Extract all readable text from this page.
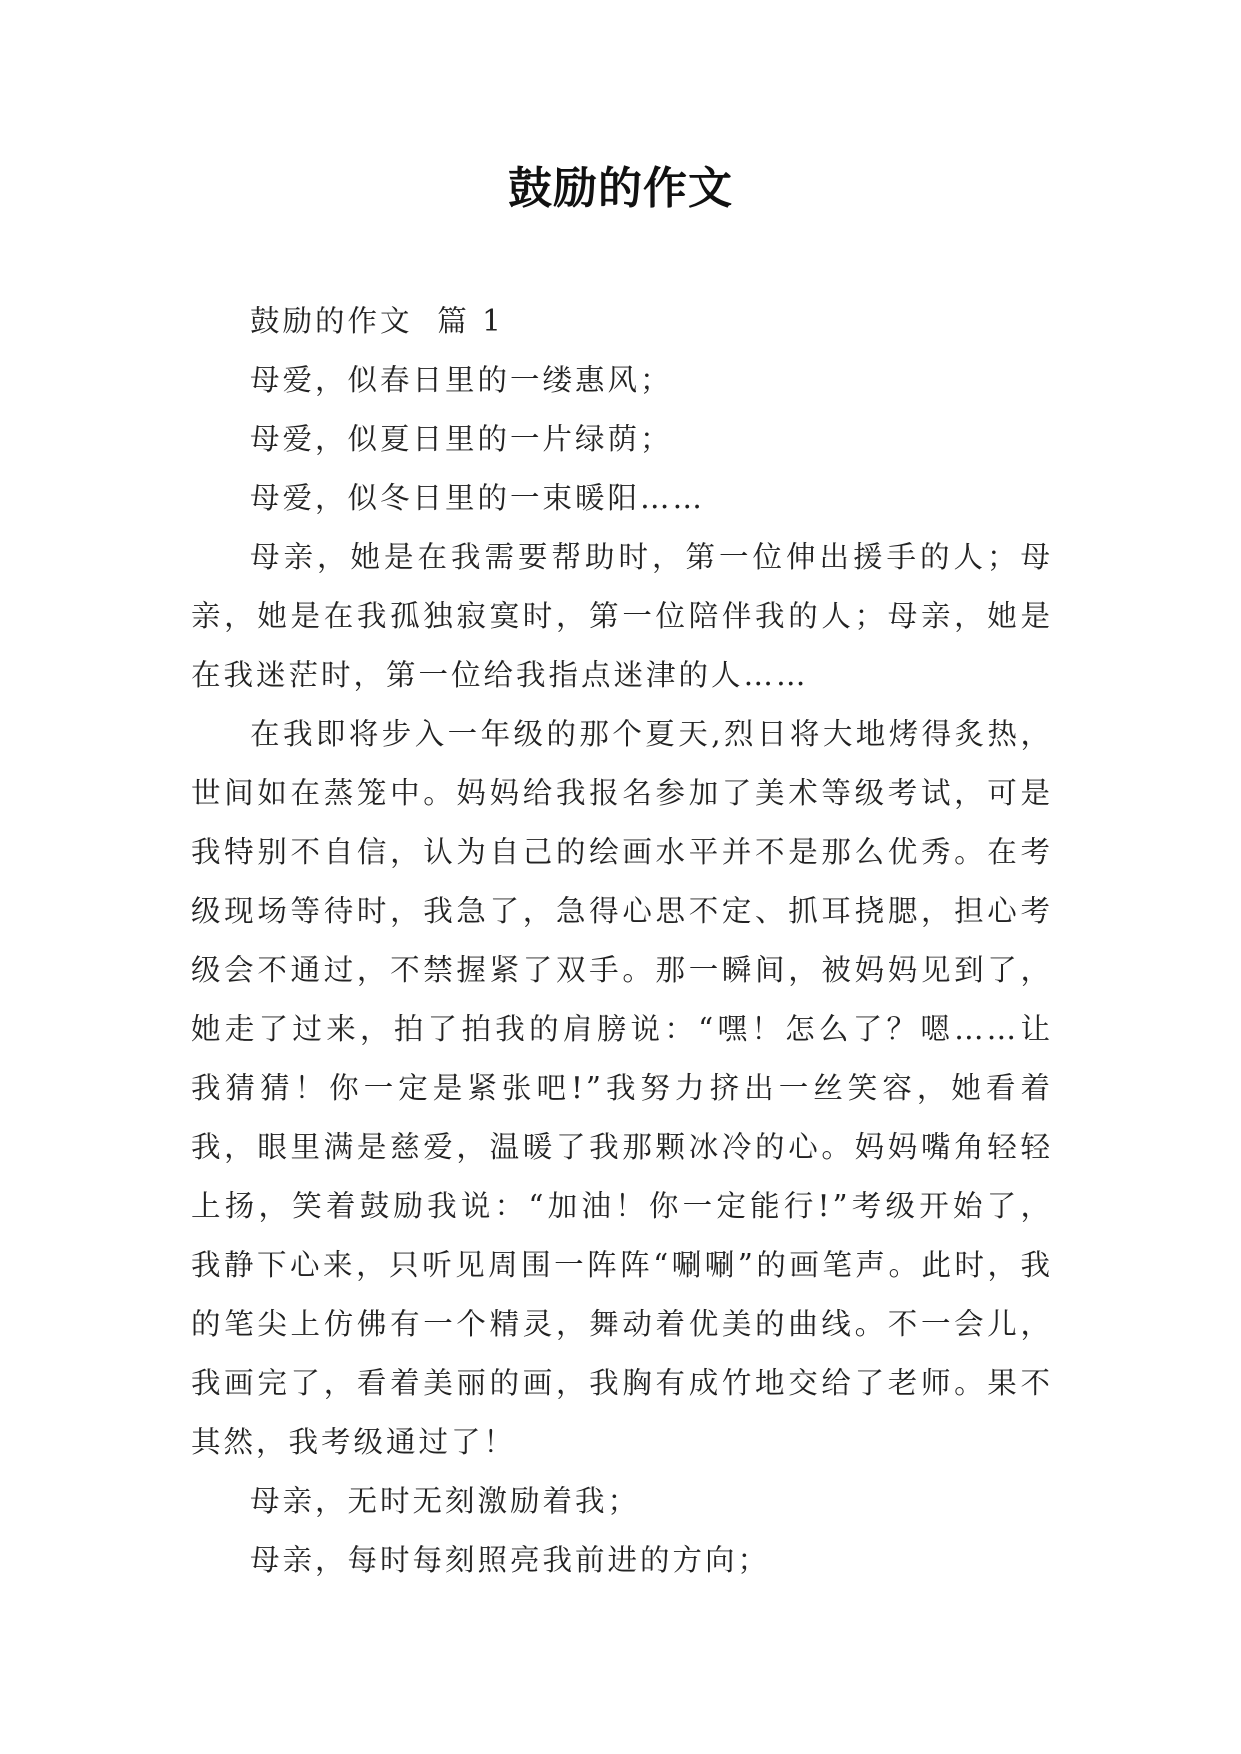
鼓励的作文

鼓励的作文  篇 1

母爱，似春日里的一缕惠风；

母爱，似夏日里的一片绿荫；

母爱，似冬日里的一束暖阳……

母亲，她是在我需要帮助时，第一位伸出援手的人；母亲，她是在我孤独寂寞时，第一位陪伴我的人；母亲，她是在我迷茫时，第一位给我指点迷津的人……

在我即将步入一年级的那个夏天,烈日将大地烤得炙热，世间如在蒸笼中。妈妈给我报名参加了美术等级考试，可是我特别不自信，认为自己的绘画水平并不是那么优秀。在考级现场等待时，我急了，急得心思不定、抓耳挠腮，担心考级会不通过，不禁握紧了双手。那一瞬间，被妈妈见到了，她走了过来，拍了拍我的肩膀说：“嘿！怎么了？嗯……让我猜猜！你一定是紧张吧!”我努力挤出一丝笑容，她看着我，眼里满是慈爱，温暖了我那颗冰冷的心。妈妈嘴角轻轻上扬，笑着鼓励我说：“加油！你一定能行!”考级开始了，我静下心来，只听见周围一阵阵“唰唰”的画笔声。此时，我的笔尖上仿佛有一个精灵，舞动着优美的曲线。不一会儿，我画完了，看着美丽的画，我胸有成竹地交给了老师。果不其然，我考级通过了！

母亲，无时无刻激励着我；

母亲，每时每刻照亮我前进的方向；
